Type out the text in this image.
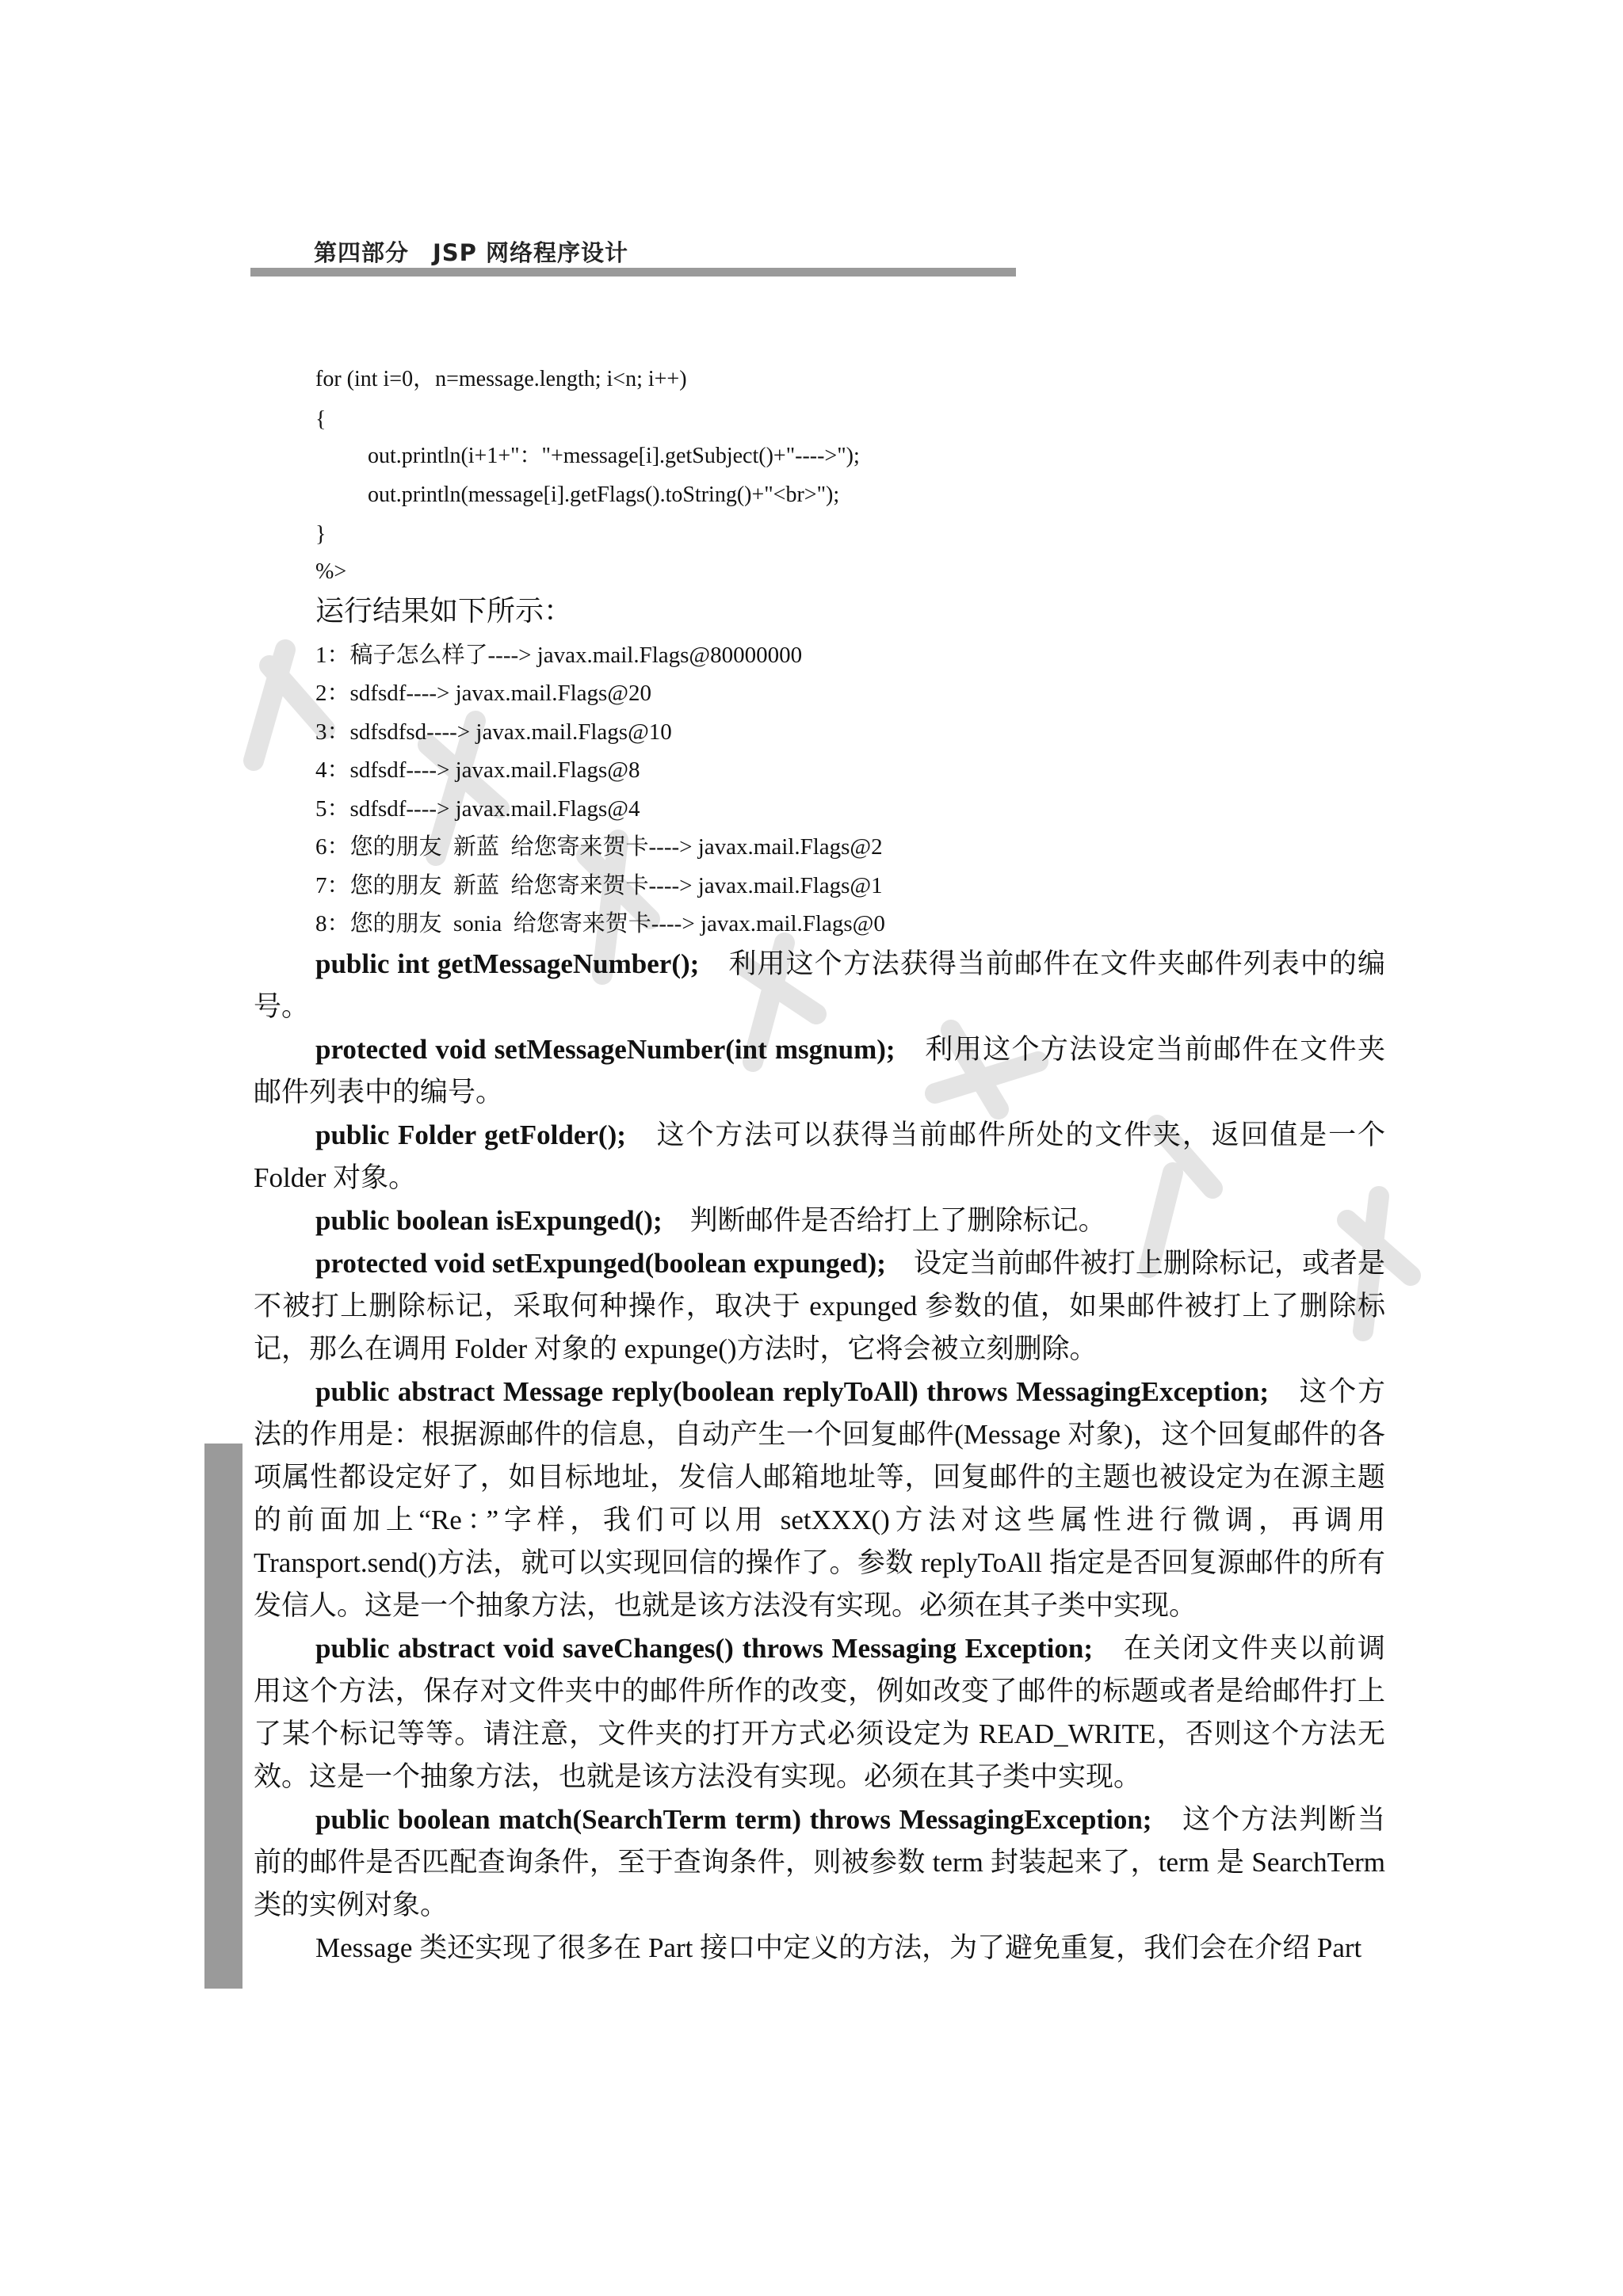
第四部分　JSP 网络程序设计
for (int i=0，n=message.length; i<n; i++)
{
out.println(i+1+"："+message[i].getSubject()+"---->");
out.println(message[i].getFlags().toString()+"<br>");
}
%>
运行结果如下所示：
1：稿子怎么样了----> javax.mail.Flags@80000000
2：sdfsdf----> javax.mail.Flags@20
3：sdfsdfsd----> javax.mail.Flags@10
4：sdfsdf----> javax.mail.Flags@8
5：sdfsdf----> javax.mail.Flags@4
6：您的朋友  新蓝  给您寄来贺卡----> javax.mail.Flags@2
7：您的朋友  新蓝  给您寄来贺卡----> javax.mail.Flags@1
8：您的朋友  sonia  给您寄来贺卡----> javax.mail.Flags@0

public int getMessageNumber();　利用这个方法获得当前邮件在文件夹邮件列表中的编号。

protected void setMessageNumber(int msgnum);　利用这个方法设定当前邮件在文件夹邮件列表中的编号。

public Folder getFolder();　这个方法可以获得当前邮件所处的文件夹，返回值是一个 Folder 对象。

public boolean isExpunged();　判断邮件是否给打上了删除标记。

protected void setExpunged(boolean expunged);　设定当前邮件被打上删除标记，或者是不被打上删除标记，采取何种操作，取决于 expunged 参数的值，如果邮件被打上了删除标记，那么在调用 Folder 对象的 expunge()方法时，它将会被立刻删除。

public abstract Message reply(boolean replyToAll) throws MessagingException;　这个方法的作用是：根据源邮件的信息，自动产生一个回复邮件(Message 对象)，这个回复邮件的各项属性都设定好了，如目标地址，发信人邮箱地址等，回复邮件的主题也被设定为在源主题的前面加上“Re：”字样，我们可以用 setXXX()方法对这些属性进行微调，再调用 Transport.send()方法，就可以实现回信的操作了。参数 replyToAll 指定是否回复源邮件的所有发信人。这是一个抽象方法，也就是该方法没有实现。必须在其子类中实现。

public abstract void saveChanges() throws Messaging Exception;　在关闭文件夹以前调用这个方法，保存对文件夹中的邮件所作的改变，例如改变了邮件的标题或者是给邮件打上了某个标记等等。请注意，文件夹的打开方式必须设定为 READ_WRITE，否则这个方法无效。这是一个抽象方法，也就是该方法没有实现。必须在其子类中实现。

public boolean match(SearchTerm term) throws MessagingException;　这个方法判断当前的邮件是否匹配查询条件，至于查询条件，则被参数 term 封装起来了，term 是 SearchTerm 类的实例对象。

Message 类还实现了很多在 Part 接口中定义的方法，为了避免重复，我们会在介绍 Part
